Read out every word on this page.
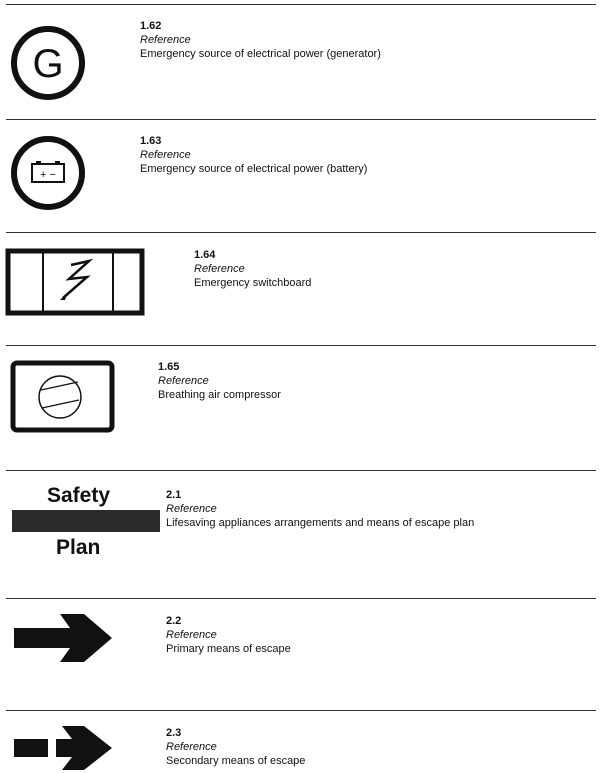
G
1.62
Reference
Emergency source of electrical power (generator)
+ −
1.63
Reference
Emergency source of electrical power (battery)
1.64
Reference
Emergency switchboard
1.65
Reference
Breathing air compressor
Safety
Plan
2.1
Reference
Lifesaving appliances arrangements and means of escape plan
2.2
Reference
Primary means of escape
2.3
Reference
Secondary means of escape
